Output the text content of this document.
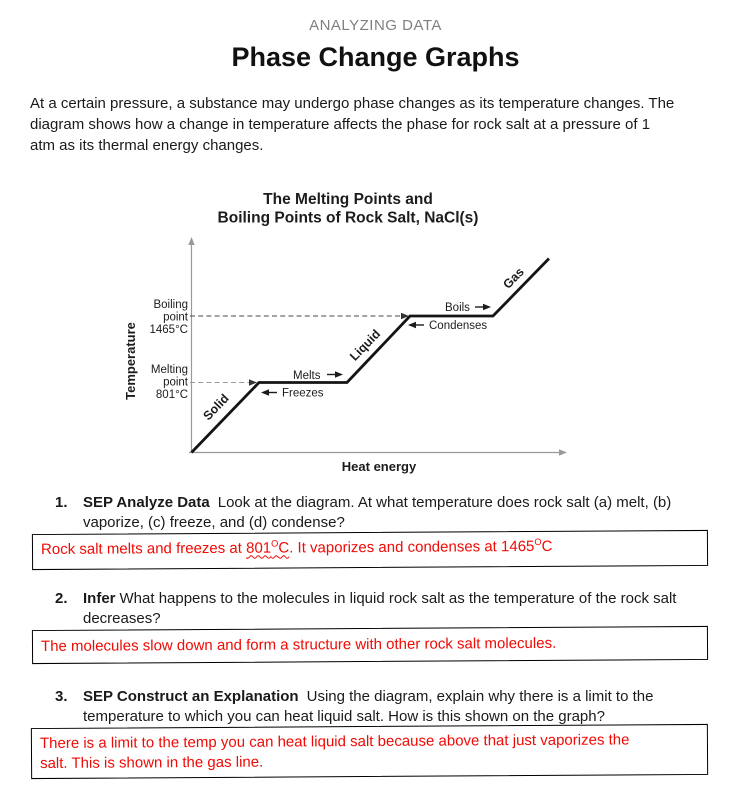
ANALYZING DATA
Phase Change Graphs
At a certain pressure, a substance may undergo phase changes as its temperature changes. The
diagram shows how a change in temperature affects the phase for rock salt at a pressure of 1
atm as its thermal energy changes.
The Melting Points and
Boiling Points of Rock Salt, NaCl(s)
Boiling
point
1465°C
Melting
point
801°C
Temperature
Heat energy
Solid
Liquid
Gas
Melts
Freezes
Boils
Condenses
1. SEP Analyze Data Look at the diagram. At what temperature does rock salt (a) melt, (b)
vaporize, (c) freeze, and (d) condense?
Rock salt melts and freezes at $801^OC$. It vaporizes and condenses at $1465^OC$
2. Infer What happens to the molecules in liquid rock salt as the temperature of the rock salt
decreases?
The molecules slow down and form a structure with other rock salt molecules.
3. SEP Construct an Explanation Using the diagram, explain why there is a limit to the
temperature to which you can heat liquid salt. How is this shown on the graph?
There is a limit to the temp you can heat liquid salt because above that just vaporizes the
salt. This is shown in the gas line.
